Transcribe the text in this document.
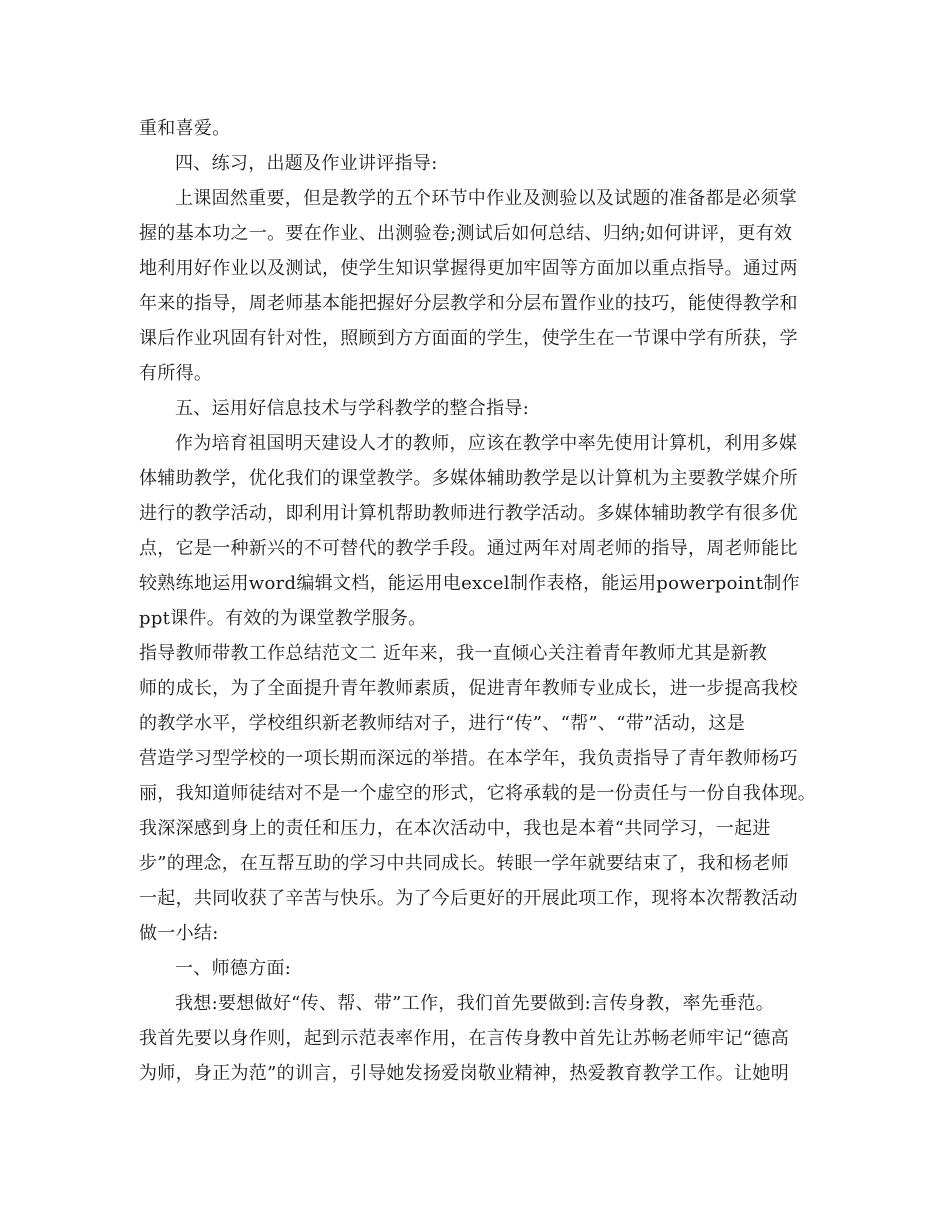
重和喜爱。
四、练习，出题及作业讲评指导:
上课固然重要，但是教学的五个环节中作业及测验以及试题的准备都是必须掌
握的基本功之一。要在作业、出测验卷;测试后如何总结、归纳;如何讲评，更有效
地利用好作业以及测试，使学生知识掌握得更加牢固等方面加以重点指导。通过两
年来的指导，周老师基本能把握好分层教学和分层布置作业的技巧，能使得教学和
课后作业巩固有针对性，照顾到方方面面的学生，使学生在一节课中学有所获，学
有所得。
五、运用好信息技术与学科教学的整合指导:
作为培育祖国明天建设人才的教师，应该在教学中率先使用计算机，利用多媒
体辅助教学，优化我们的课堂教学。多媒体辅助教学是以计算机为主要教学媒介所
进行的教学活动，即利用计算机帮助教师进行教学活动。多媒体辅助教学有很多优
点，它是一种新兴的不可替代的教学手段。通过两年对周老师的指导，周老师能比
较熟练地运用word编辑文档，能运用电excel制作表格，能运用powerpoint制作
ppt课件。有效的为课堂教学服务。
指导教师带教工作总结范文二 近年来，我一直倾心关注着青年教师尤其是新教
师的成长，为了全面提升青年教师素质，促进青年教师专业成长，进一步提高我校
的教学水平，学校组织新老教师结对子，进行“传”、“帮”、“带”活动，这是
营造学习型学校的一项长期而深远的举措。在本学年，我负责指导了青年教师杨巧
丽，我知道师徒结对不是一个虚空的形式，它将承载的是一份责任与一份自我体现。
我深深感到身上的责任和压力，在本次活动中，我也是本着“共同学习，一起进
步”的理念，在互帮互助的学习中共同成长。转眼一学年就要结束了，我和杨老师
一起，共同收获了辛苦与快乐。为了今后更好的开展此项工作，现将本次帮教活动
做一小结:
一、师德方面:
我想:要想做好“传、帮、带”工作，我们首先要做到:言传身教，率先垂范。
我首先要以身作则，起到示范表率作用，在言传身教中首先让苏畅老师牢记“德高
为师，身正为范”的训言，引导她发扬爱岗敬业精神，热爱教育教学工作。让她明
